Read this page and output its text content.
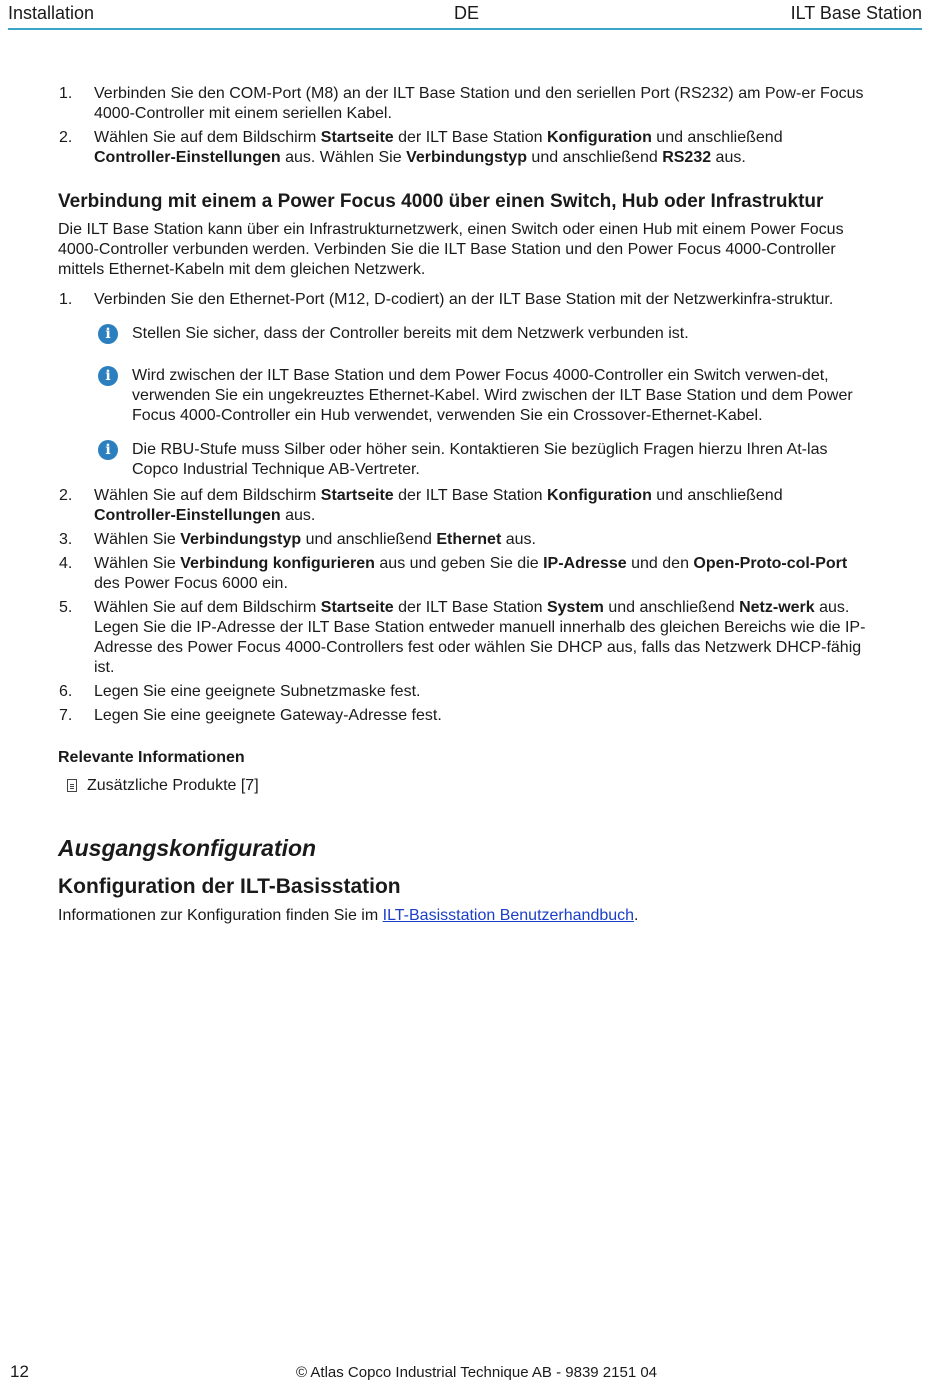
Installation	DE	ILT Base Station
1. Verbinden Sie den COM-Port (M8) an der ILT Base Station und den seriellen Port (RS232) am Pow-er Focus 4000-Controller mit einem seriellen Kabel.

2. Wählen Sie auf dem Bildschirm Startseite der ILT Base Station Konfiguration und anschließend Controller-Einstellungen aus. Wählen Sie Verbindungstyp und anschließend RS232 aus.

Verbindung mit einem a Power Focus 4000 über einen Switch, Hub oder Infrastruktur

Die ILT Base Station kann über ein Infrastrukturnetzwerk, einen Switch oder einen Hub mit einem Power Focus 4000-Controller verbunden werden. Verbinden Sie die ILT Base Station und den Power Focus 4000-Controller mittels Ethernet-Kabeln mit dem gleichen Netzwerk.

1. Verbinden Sie den Ethernet-Port (M12, D-codiert) an der ILT Base Station mit der Netzwerkinfra-struktur.

i	Stellen Sie sicher, dass der Controller bereits mit dem Netzwerk verbunden ist.

i	Wird zwischen der ILT Base Station und dem Power Focus 4000-Controller ein Switch verwen-det, verwenden Sie ein ungekreuztes Ethernet-Kabel. Wird zwischen der ILT Base Station und dem Power Focus 4000-Controller ein Hub verwendet, verwenden Sie ein Crossover-Ethernet-Kabel.

i	Die RBU-Stufe muss Silber oder höher sein. Kontaktieren Sie bezüglich Fragen hierzu Ihren At-las Copco Industrial Technique AB-Vertreter.

2. Wählen Sie auf dem Bildschirm Startseite der ILT Base Station Konfiguration und anschließend Controller-Einstellungen aus.

3. Wählen Sie Verbindungstyp und anschließend Ethernet aus.

4. Wählen Sie Verbindung konfigurieren aus und geben Sie die IP-Adresse und den Open-Proto-col-Port des Power Focus 6000 ein.

5. Wählen Sie auf dem Bildschirm Startseite der ILT Base Station System und anschließend Netz-werk aus.

Legen Sie die IP-Adresse der ILT Base Station entweder manuell innerhalb des gleichen Bereichs wie die IP-Adresse des Power Focus 4000-Controllers fest oder wählen Sie DHCP aus, falls das Netzwerk DHCP-fähig ist.

6. Legen Sie eine geeignete Subnetzmaske fest.

7. Legen Sie eine geeignete Gateway-Adresse fest.

Relevante Informationen

Zusätzliche Produkte [7]

Ausgangskonfiguration
Konfiguration der ILT-Basisstation

Informationen zur Konfiguration finden Sie im ILT-Basisstation Benutzerhandbuch.

12	© Atlas Copco Industrial Technique AB - 9839 2151 04
